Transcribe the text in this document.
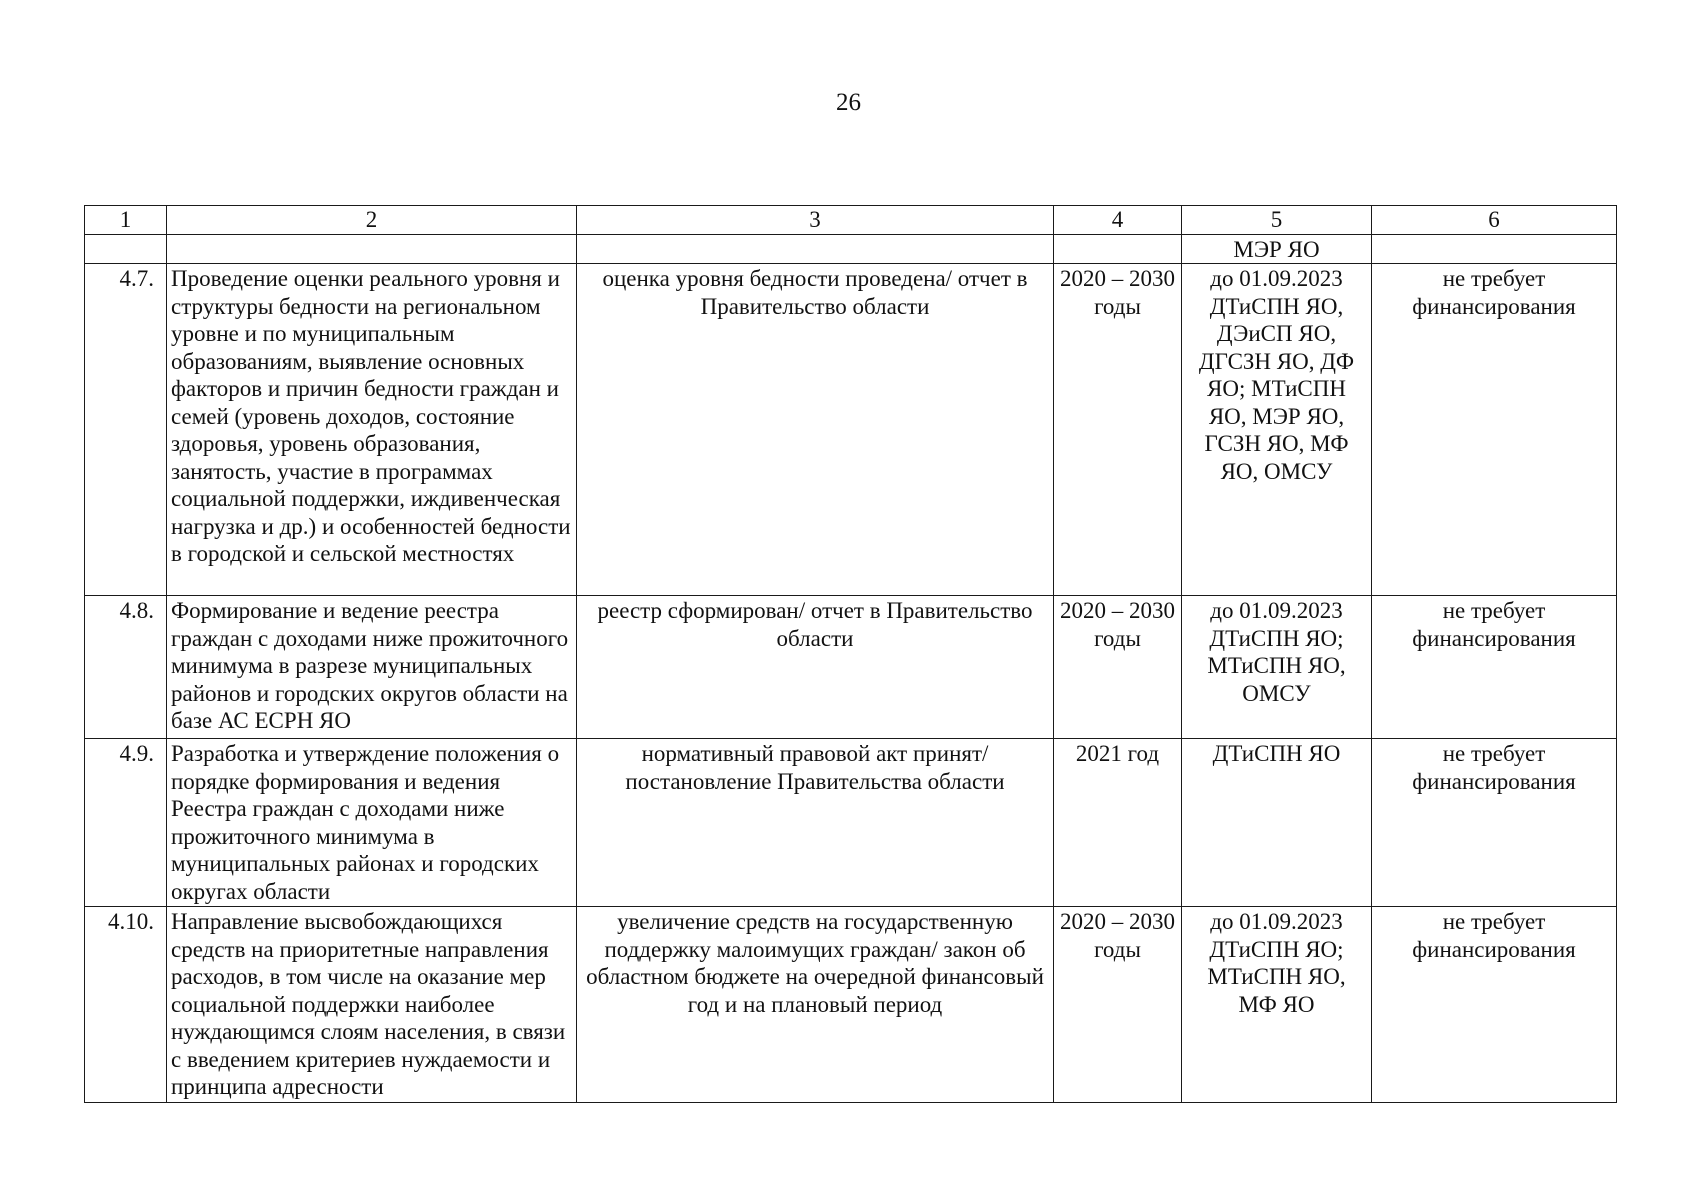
26
1	2	3	4	5	6
				МЭР ЯО	
4.7.	Проведение оценки реального уровня и структуры бедности на региональном уровне и по муниципальным образованиям, выявление основных факторов и причин бедности граждан и семей (уровень доходов, состояние здоровья, уровень образования, занятость, участие в программах социальной поддержки, иждивенческая нагрузка и др.) и особенностей бедности в городской и сельской местностях	оценка уровня бедности проведена/ отчет в Правительство области	2020 – 2030 годы	до 01.09.2023 ДТиСПН ЯО, ДЭиСП ЯО, ДГСЗН ЯО, ДФ ЯО; МТиСПН ЯО, МЭР ЯО, ГСЗН ЯО, МФ ЯО, ОМСУ	не требует финансирования
4.8.	Формирование и ведение реестра граждан с доходами ниже прожиточного минимума в разрезе муниципальных районов и городских округов области на базе АС ЕСРН ЯО	реестр сформирован/ отчет в Правительство области	2020 – 2030 годы	до 01.09.2023 ДТиСПН ЯО; МТиСПН ЯО, ОМСУ	не требует финансирования
4.9.	Разработка и утверждение положения о порядке формирования и ведения Реестра граждан с доходами ниже прожиточного минимума в муниципальных районах и городских округах области	нормативный правовой акт принят/ постановление Правительства области	2021 год	ДТиСПН ЯО	не требует финансирования
4.10.	Направление высвобождающихся средств на приоритетные направления расходов, в том числе на оказание мер социальной поддержки наиболее нуждающимся слоям населения, в связи с введением критериев нуждаемости и принципа адресности	увеличение средств на государственную поддержку малоимущих граждан/ закон об областном бюджете на очередной финансовый год и на плановый период	2020 – 2030 годы	до 01.09.2023 ДТиСПН ЯО; МТиСПН ЯО, МФ ЯО	не требует финансирования
